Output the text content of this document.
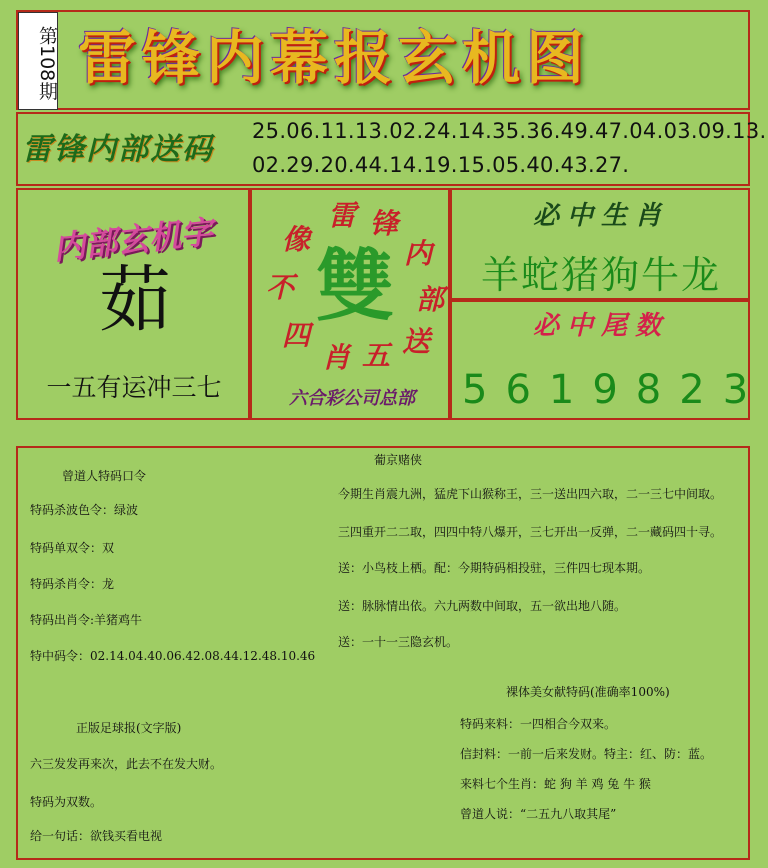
第108期 雷锋内幕报玄机图
雷锋内部送码
25.06.11.13.02.24.14.35.36.49.47.04.03.09.13.
02.29.20.44.14.19.15.05.40.43.27.
内部玄机字
茹
一五有运冲三七
雷 锋
内
部
送
五
肖
四
不
像
雙
六合彩公司总部
必中生肖
羊蛇猪狗牛龙
必中尾数
5619823
曾道人特码口令
特码杀波色令：绿波
特码单双令：双
特码杀肖令：龙
特码出肖令:羊猪鸡牛
特中码令：02.14.04.40.06.42.08.44.12.48.10.46
正版足球报(文字版)
六三发发再来次，此去不在发大财。
特码为双数。
给一句话：欲钱买看电视
葡京赌侠
今期生肖震九洲，猛虎下山猴称王，三一送出四六取，二一三七中间取。
三四重开二二取，四四中特八爆开，三七开出一反弹，二一藏码四十寻。
送：小鸟枝上栖。配：今期特码相投驻，三件四七现本期。
送：脉脉情出依。六九两数中间取，五一欲出地八随。
送：一十一三隐玄机。
裸体美女献特码(准确率100%)
特码来料：一四相合今双来。
信封料：一前一后来发财。特主：红、防：蓝。
来料七个生肖：蛇 狗 羊 鸡 兔 牛 猴
曾道人说：“二五九八取其尾”
